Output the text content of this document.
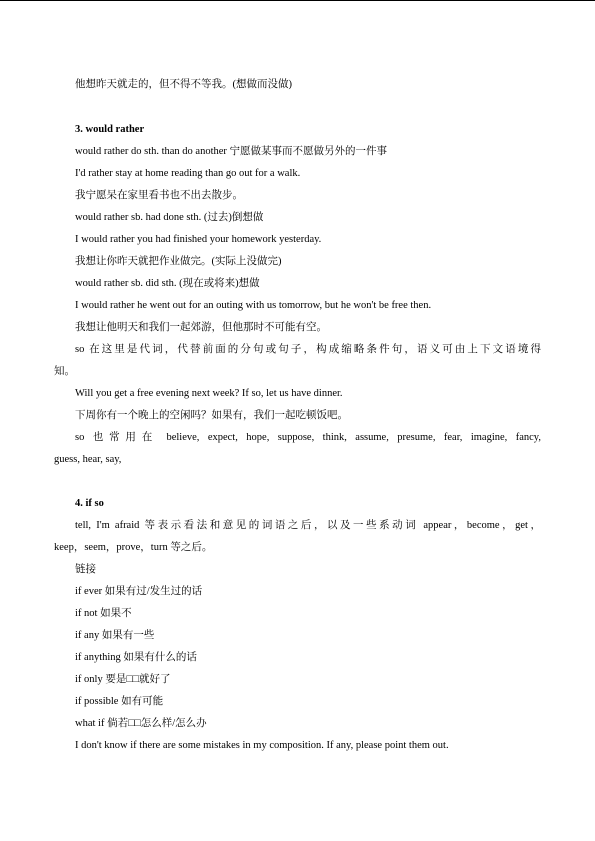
他想昨天就走的，但不得不等我。(想做而没做)
3. would rather
would rather do sth. than do another 宁愿做某事而不愿做另外的一件事
I'd rather stay at home reading than go out for a walk.
我宁愿呆在家里看书也不出去散步。
would rather sb. had done sth. (过去)倒想做
I would rather you had finished your homework yesterday.
我想让你昨天就把作业做完。(实际上没做完)
would rather sb. did sth. (现在或将来)想做
I would rather he went out for an outing with us tomorrow, but he won't be free then.
我想让他明天和我们一起郊游，但他那时不可能有空。
so 在这里是代词，代替前面的分句或句子，构成缩略条件句，语义可由上下文语境得
知。
Will you get a free evening next week? If so, let us have dinner.
下周你有一个晚上的空闲吗？如果有，我们一起吃顿饭吧。
so 也常用在 believe, expect, hope, suppose, think, assume, presume, fear, imagine, fancy,
guess, hear, say,
4. if so
tell, I'm afraid 等表示看法和意见的词语之后，以及一些系动词 appear，become，get，
keep，seem，prove，turn 等之后。
链接
if ever 如果有过/发生过的话
if not 如果不
if any 如果有一些
if anything 如果有什么的话
if only 要是□□就好了
if possible 如有可能
what if 倘若□□怎么样/怎么办
I don't know if there are some mistakes in my composition. If any, please point them out.
